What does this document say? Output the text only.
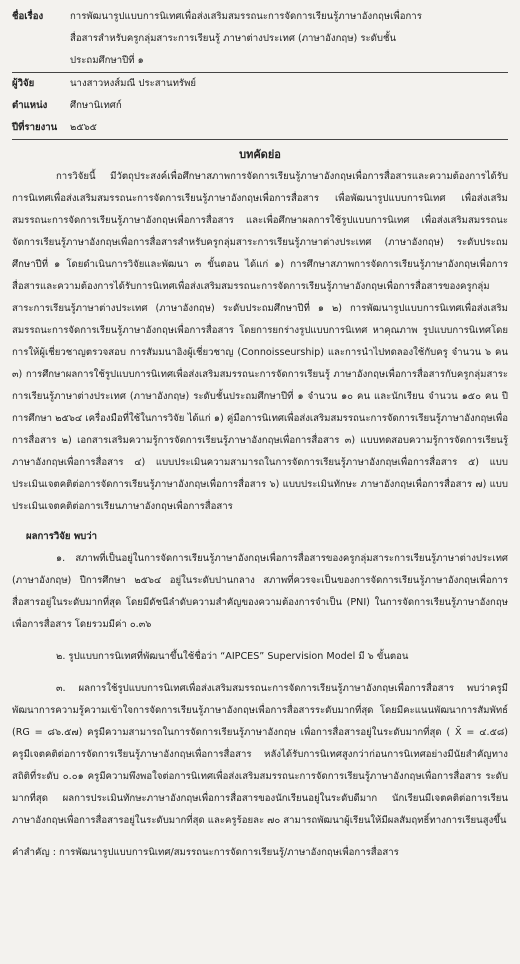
ชื่อเรื่อง	การพัฒนารูปแบบการนิเทศเพื่อส่งเสริมสมรรถนะการจัดการเรียนรู้ภาษาอังกฤษเพื่อการ
สื่อสารสำหรับครูกลุ่มสาระการเรียนรู้ ภาษาต่างประเทศ (ภาษาอังกฤษ) ระดับชั้น
ประถมศึกษาปีที่ ๑
ผู้วิจัย	นางสาวหงส์มณี ประสานทรัพย์
ตำแหน่ง	ศึกษานิเทศก์
ปีที่รายงาน	๒๕๖๕
บทคัดย่อ

การวิจัยนี้ มีวัตถุประสงค์เพื่อศึกษาสภาพการจัดการเรียนรู้ภาษาอังกฤษเพื่อการสื่อสารและความต้องการได้รับการนิเทศเพื่อส่งเสริมสมรรถนะการจัดการเรียนรู้ภาษาอังกฤษเพื่อการสื่อสาร เพื่อพัฒนารูปแบบการนิเทศ เพื่อส่งเสริมสมรรถนะการจัดการเรียนรู้ภาษาอังกฤษเพื่อการสื่อสาร และเพื่อศึกษาผลการใช้รูปแบบการนิเทศ เพื่อส่งเสริมสมรรถนะจัดการเรียนรู้ภาษาอังกฤษเพื่อการสื่อสารสำหรับครูกลุ่มสาระการเรียนรู้ภาษาต่างประเทศ (ภาษาอังกฤษ) ระดับประถมศึกษาปีที่ ๑ โดยดำเนินการวิจัยและพัฒนา ๓ ขั้นตอน ได้แก่ ๑) การศึกษาสภาพการจัดการเรียนรู้ภาษาอังกฤษเพื่อการสื่อสารและความต้องการได้รับการนิเทศเพื่อส่งเสริมสมรรถนะการจัดการเรียนรู้ภาษาอังกฤษเพื่อการสื่อสารของครูกลุ่มสาระการเรียนรู้ภาษาต่างประเทศ (ภาษาอังกฤษ) ระดับประถมศึกษาปีที่ ๑ ๒) การพัฒนารูปแบบการนิเทศเพื่อส่งเสริมสมรรถนะการจัดการเรียนรู้ภาษาอังกฤษเพื่อการสื่อสาร โดยการยกร่างรูปแบบการนิเทศ หาคุณภาพ รูปแบบการนิเทศโดยการให้ผู้เชี่ยวชาญตรวจสอบ การสัมมนาอิงผู้เชี่ยวชาญ (Connoisseurship) และการนำไปทดลองใช้กับครู จำนวน ๖ คน ๓) การศึกษาผลการใช้รูปแบบการนิเทศเพื่อส่งเสริมสมรรถนะการจัดการเรียนรู้ ภาษาอังกฤษเพื่อการสื่อสารกับครูกลุ่มสาระการเรียนรู้ภาษาต่างประเทศ (ภาษาอังกฤษ) ระดับชั้นประถมศึกษาปีที่ ๑ จำนวน ๑๐ คน และนักเรียน จำนวน ๑๕๐ คน ปีการศึกษา ๒๕๖๔ เครื่องมือที่ใช้ในการวิจัย ได้แก่ ๑) คู่มือการนิเทศเพื่อส่งเสริมสมรรถนะการจัดการเรียนรู้ภาษาอังกฤษเพื่อการสื่อสาร ๒) เอกสารเสริมความรู้การจัดการเรียนรู้ภาษาอังกฤษเพื่อการสื่อสาร ๓) แบบทดสอบความรู้การจัดการเรียนรู้ภาษาอังกฤษเพื่อการสื่อสาร ๔) แบบประเมินความสามารถในการจัดการเรียนรู้ภาษาอังกฤษเพื่อการสื่อสาร ๕) แบบประเมินเจตคติต่อการจัดการเรียนรู้ภาษาอังกฤษเพื่อการสื่อสาร ๖) แบบประเมินทักษะ ภาษาอังกฤษเพื่อการสื่อสาร ๗) แบบประเมินเจตคติต่อการเรียนภาษาอังกฤษเพื่อการสื่อสาร

ผลการวิจัย พบว่า

๑. สภาพที่เป็นอยู่ในการจัดการเรียนรู้ภาษาอังกฤษเพื่อการสื่อสารของครูกลุ่มสาระการเรียนรู้ภาษาต่างประเทศ (ภาษาอังกฤษ) ปีการศึกษา ๒๕๖๔ อยู่ในระดับปานกลาง สภาพที่ควรจะเป็นของการจัดการเรียนรู้ภาษาอังกฤษเพื่อการสื่อสารอยู่ในระดับมากที่สุด โดยมีดัชนีลำดับความสำคัญของความต้องการจำเป็น (PNI) ในการจัดการเรียนรู้ภาษาอังกฤษเพื่อการสื่อสาร โดยรวมมีค่า ๐.๓๖

๒. รูปแบบการนิเทศที่พัฒนาขึ้นใช้ชื่อว่า “AIPCES” Supervision Model มี ๖ ขั้นตอน

๓. ผลการใช้รูปแบบการนิเทศเพื่อส่งเสริมสมรรถนะการจัดการเรียนรู้ภาษาอังกฤษเพื่อการสื่อสาร พบว่าครูมีพัฒนาการความรู้ความเข้าใจการจัดการเรียนรู้ภาษาอังกฤษเพื่อการสื่อสารระดับมากที่สุด โดยมีคะแนนพัฒนาการสัมพัทธ์ (RG = ๘๖.๕๗) ครูมีความสามารถในการจัดการเรียนรู้ภาษาอังกฤษ เพื่อการสื่อสารอยู่ในระดับมากที่สุด ( X̄ = ๔.๕๘) ครูมีเจตคติต่อการจัดการเรียนรู้ภาษาอังกฤษเพื่อการสื่อสาร หลังได้รับการนิเทศสูงกว่าก่อนการนิเทศอย่างมีนัยสำคัญทางสถิติที่ระดับ ๐.๐๑ ครูมีความพึงพอใจต่อการนิเทศเพื่อส่งเสริมสมรรถนะการจัดการเรียนรู้ภาษาอังกฤษเพื่อการสื่อสาร ระดับมากที่สุด ผลการประเมินทักษะภาษาอังกฤษเพื่อการสื่อสารของนักเรียนอยู่ในระดับดีมาก นักเรียนมีเจตคติต่อการเรียนภาษาอังกฤษเพื่อการสื่อสารอยู่ในระดับมากที่สุด และครูร้อยละ ๗๐ สามารถพัฒนาผู้เรียนให้มีผลสัมฤทธิ์ทางการเรียนสูงขึ้น

คำสำคัญ : การพัฒนารูปแบบการนิเทศ/สมรรถนะการจัดการเรียนรู้/ภาษาอังกฤษเพื่อการสื่อสาร
